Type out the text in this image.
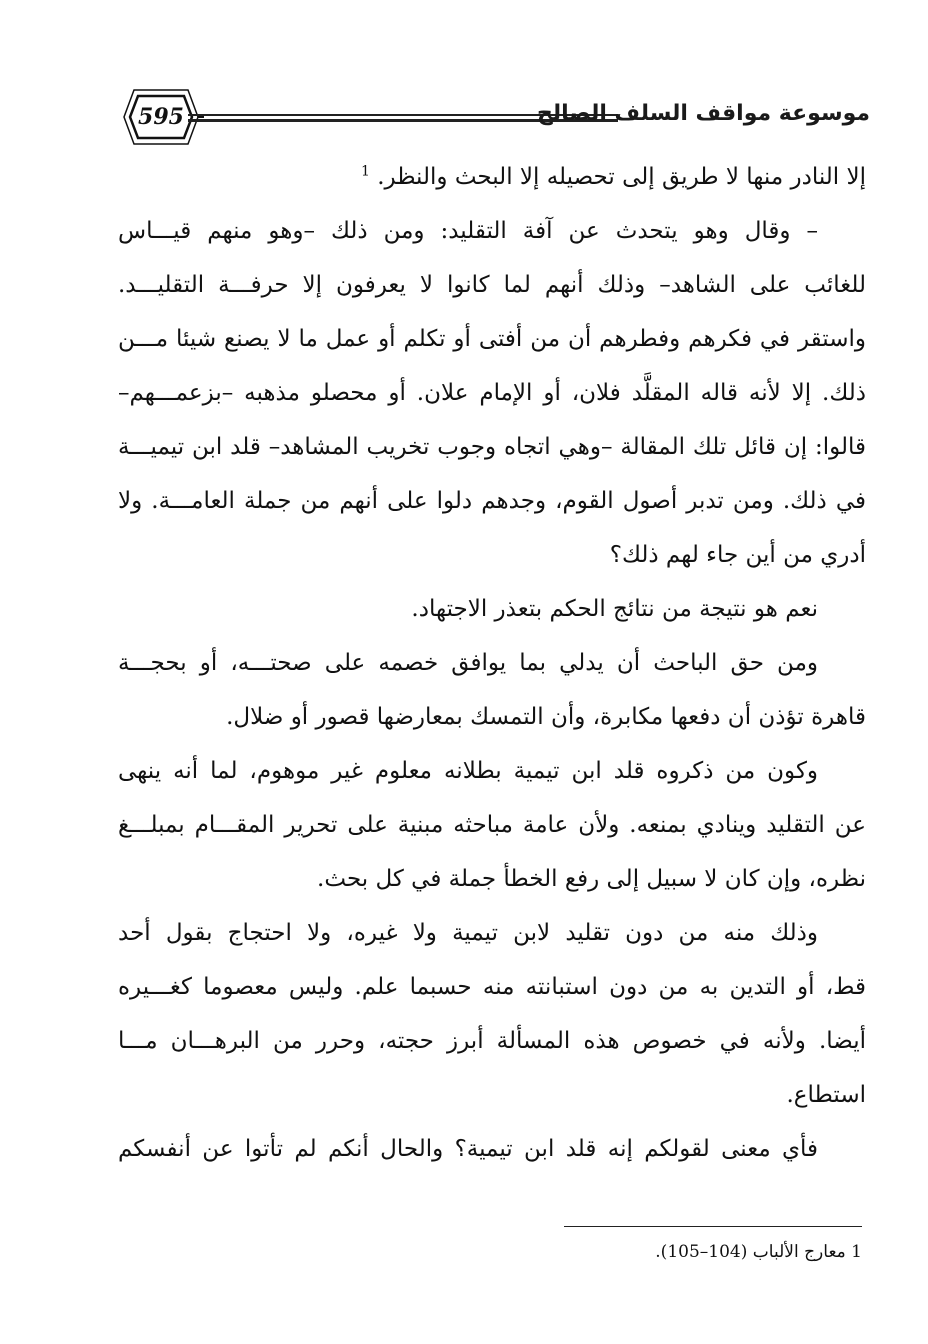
595	موسوعة مواقف السلف الصالح
إلا النادر منها لا طريق إلى تحصيله إلا البحث والنظر. $^1$
– وقال وهو يتحدث عن آفة التقليد: ومن ذلك –وهو منهم قيـــاس
للغائب على الشاهد– وذلك أنهم لما كانوا لا يعرفون إلا حرفـــة التقليـــد.
واستقر في فكرهم وفطرهم أن من أفتى أو تكلم أو عمل ما لا يصنع شيئا مـــن
ذلك. إلا لأنه قاله المقلَّد فلان، أو الإمام علان. أو محصلو مذهبه –بزعمـــهم–
قالوا: إن قائل تلك المقالة –وهي اتجاه وجوب تخريب المشاهد– قلد ابن تيميـــة
في ذلك. ومن تدبر أصول القوم، وجدهم دلوا على أنهم من جملة العامـــة. ولا
أدري من أين جاء لهم ذلك؟
نعم هو نتيجة من نتائج الحكم بتعذر الاجتهاد.
ومن حق الباحث أن يدلي بما يوافق خصمه على صحتـــه، أو بحجـــة
قاهرة تؤذن أن دفعها مكابرة، وأن التمسك بمعارضها قصور أو ضلال.
وكون من ذكروه قلد ابن تيمية بطلانه معلوم غير موهوم، لما أنه ينهى
عن التقليد وينادي بمنعه. ولأن عامة مباحثه مبنية على تحرير المقـــام بمبلـــغ
نظره، وإن كان لا سبيل إلى رفع الخطأ جملة في كل بحث.
وذلك منه من دون تقليد لابن تيمية ولا غيره، ولا احتجاج بقول أحد
قط، أو التدين به من دون استبانته منه حسبما علم. وليس معصوما كغـــيره
أيضا. ولأنه في خصوص هذه المسألة أبرز حجته، وحرر من البرهـــان مـــا
استطاع.
فأي معنى لقولكم إنه قلد ابن تيمية؟ والحال أنكم لم تأتوا عن أنفسكم
1 معارج الألباب (104–105).
